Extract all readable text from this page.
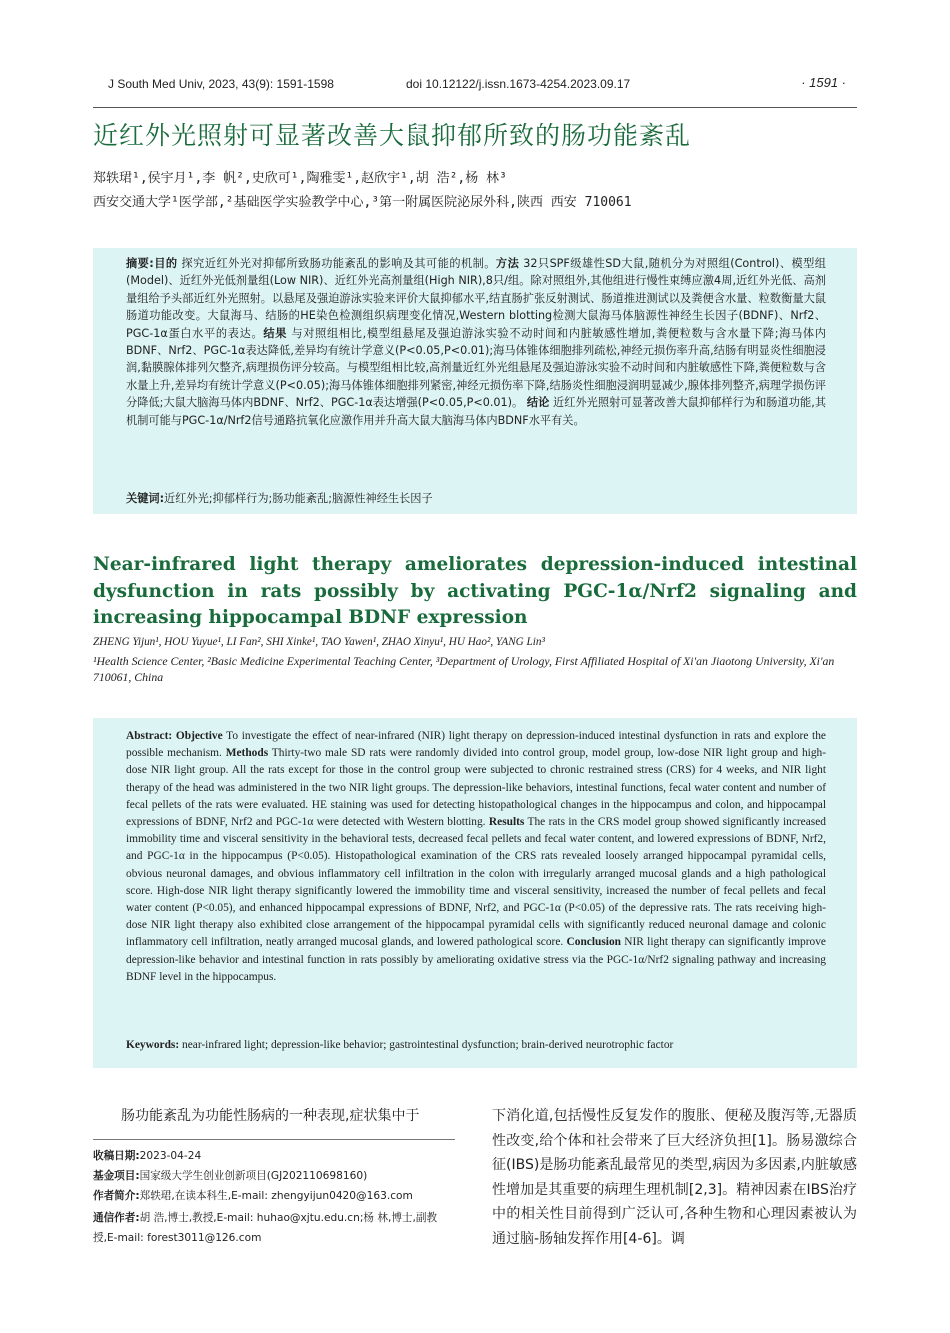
J South Med Univ, 2023, 43(9): 1591-1598	doi 10.12122/j.issn.1673-4254.2023.09.17	· 1591 ·
近红外光照射可显著改善大鼠抑郁所致的肠功能紊乱
郑轶珺¹,侯宇月¹,李 帆²,史欣可¹,陶雅雯¹,赵欣宇¹,胡 浩²,杨 林³
西安交通大学¹医学部,²基础医学实验教学中心,³第一附属医院泌尿外科,陕西 西安 710061
摘要:目的 探究近红外光对抑郁所致肠功能紊乱的影响及其可能的机制。方法 32只SPF级雄性SD大鼠,随机分为对照组(Control)、模型组(Model)、近红外光低剂量组(Low NIR)、近红外光高剂量组(High NIR),8只/组。除对照组外,其他组进行慢性束缚应激4周,近红外光低、高剂量组给予头部近红外光照射。以悬尾及强迫游泳实验来评价大鼠抑郁水平,结直肠扩张反射测试、肠道推进测试以及粪便含水量、粒数衡量大鼠肠道功能改变。大鼠海马、结肠的HE染色检测组织病理变化情况,Western blotting检测大鼠海马体脑源性神经生长因子(BDNF)、Nrf2、PGC-1α蛋白水平的表达。结果 与对照组相比,模型组悬尾及强迫游泳实验不动时间和内脏敏感性增加,粪便粒数与含水量下降;海马体内BDNF、Nrf2、PGC-1α表达降低,差异均有统计学意义(P<0.05,P<0.01);海马体锥体细胞排列疏松,神经元损伤率升高,结肠有明显炎性细胞浸润,黏膜腺体排列欠整齐,病理损伤评分较高。与模型组相比较,高剂量近红外光组悬尾及强迫游泳实验不动时间和内脏敏感性下降,粪便粒数与含水量上升,差异均有统计学意义(P<0.05);海马体锥体细胞排列紧密,神经元损伤率下降,结肠炎性细胞浸润明显减少,腺体排列整齐,病理学损伤评分降低;大鼠大脑海马体内BDNF、Nrf2、PGC-1α表达增强(P<0.05,P<0.01)。 结论 近红外光照射可显著改善大鼠抑郁样行为和肠道功能,其机制可能与PGC-1α/Nrf2信号通路抗氧化应激作用并升高大鼠大脑海马体内BDNF水平有关。
关键词:近红外光;抑郁样行为;肠功能紊乱;脑源性神经生长因子
Near-infrared light therapy ameliorates depression-induced intestinal dysfunction in rats possibly by activating PGC-1α/Nrf2 signaling and increasing hippocampal BDNF expression
ZHENG Yijun¹, HOU Yuyue¹, LI Fan², SHI Xinke¹, TAO Yawen¹, ZHAO Xinyu¹, HU Hao², YANG Lin³
¹Health Science Center, ²Basic Medicine Experimental Teaching Center, ³Department of Urology, First Affiliated Hospital of Xi'an Jiaotong University, Xi'an 710061, China
Abstract: Objective To investigate the effect of near-infrared (NIR) light therapy on depression-induced intestinal dysfunction in rats and explore the possible mechanism. Methods Thirty-two male SD rats were randomly divided into control group, model group, low-dose NIR light group and high-dose NIR light group. All the rats except for those in the control group were subjected to chronic restrained stress (CRS) for 4 weeks, and NIR light therapy of the head was administered in the two NIR light groups. The depression-like behaviors, intestinal functions, fecal water content and number of fecal pellets of the rats were evaluated. HE staining was used for detecting histopathological changes in the hippocampus and colon, and hippocampal expressions of BDNF, Nrf2 and PGC-1α were detected with Western blotting. Results The rats in the CRS model group showed significantly increased immobility time and visceral sensitivity in the behavioral tests, decreased fecal pellets and fecal water content, and lowered expressions of BDNF, Nrf2, and PGC-1α in the hippocampus (P<0.05). Histopathological examination of the CRS rats revealed loosely arranged hippocampal pyramidal cells, obvious neuronal damages, and obvious inflammatory cell infiltration in the colon with irregularly arranged mucosal glands and a high pathological score. High-dose NIR light therapy significantly lowered the immobility time and visceral sensitivity, increased the number of fecal pellets and fecal water content (P<0.05), and enhanced hippocampal expressions of BDNF, Nrf2, and PGC-1α (P<0.05) of the depressive rats. The rats receiving high-dose NIR light therapy also exhibited close arrangement of the hippocampal pyramidal cells with significantly reduced neuronal damage and colonic inflammatory cell infiltration, neatly arranged mucosal glands, and lowered pathological score. Conclusion NIR light therapy can significantly improve depression-like behavior and intestinal function in rats possibly by ameliorating oxidative stress via the PGC-1α/Nrf2 signaling pathway and increasing BDNF level in the hippocampus.
Keywords: near-infrared light; depression-like behavior; gastrointestinal dysfunction; brain-derived neurotrophic factor
肠功能紊乱为功能性肠病的一种表现,症状集中于
收稿日期:2023-04-24
基金项目:国家级大学生创业创新项目(GJ202110698160)
作者简介:郑轶珺,在读本科生,E-mail: zhengyijun0420@163.com
通信作者:胡 浩,博士,教授,E-mail: huhao@xjtu.edu.cn;杨 林,博士,副教授,E-mail: forest3011@126.com
下消化道,包括慢性反复发作的腹胀、便秘及腹泻等,无器质性改变,给个体和社会带来了巨大经济负担[1]。肠易激综合征(IBS)是肠功能紊乱最常见的类型,病因为多因素,内脏敏感性增加是其重要的病理生理机制[2,3]。精神因素在IBS治疗中的相关性目前得到广泛认可,各种生物和心理因素被认为通过脑-肠轴发挥作用[4-6]。调
